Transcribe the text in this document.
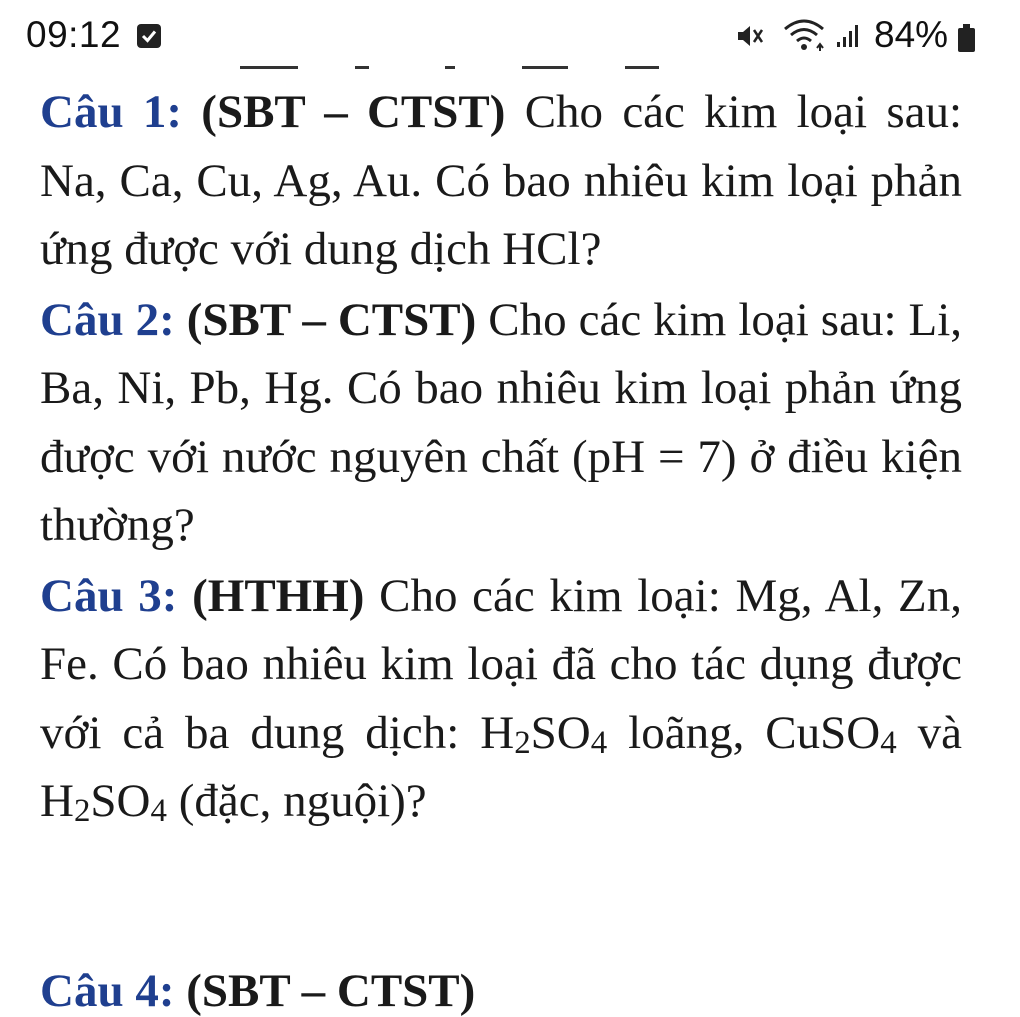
09:12	84%

Câu 1: (SBT – CTST) Cho các kim loại sau: Na, Ca, Cu, Ag, Au. Có bao nhiêu kim loại phản ứng được với dung dịch HCl?

Câu 2: (SBT – CTST) Cho các kim loại sau: Li, Ba, Ni, Pb, Hg. Có bao nhiêu kim loại phản ứng được với nước nguyên chất (pH = 7) ở điều kiện thường?

Câu 3: (HTHH) Cho các kim loại: Mg, Al, Zn, Fe. Có bao nhiêu kim loại đã cho tác dụng được với cả ba dung dịch: $H_2SO_4$ loãng, CuSO$_4$ và $H_2SO_4$ (đặc, nguội)?

Câu 4: (SBT – CTST)
